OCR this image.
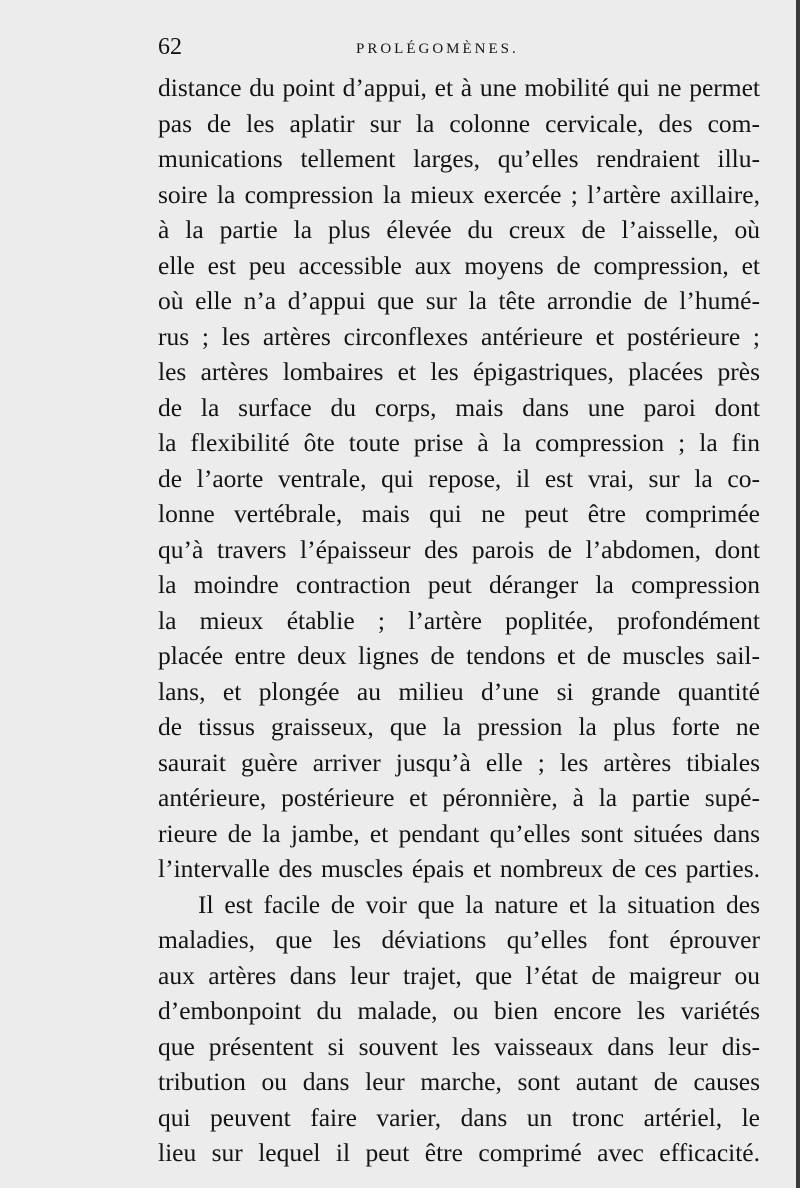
62	PROLÉGOMÈNES.
distance du point d’appui, et à une mobilité qui ne permet
pas de les aplatir sur la colonne cervicale, des com-
munications tellement larges, qu’elles rendraient illu-
soire la compression la mieux exercée ; l’artère axillaire,
à la partie la plus élevée du creux de l’aisselle, où
elle est peu accessible aux moyens de compression, et
où elle n’a d’appui que sur la tête arrondie de l’humé-
rus ; les artères circonflexes antérieure et postérieure ;
les artères lombaires et les épigastriques, placées près
de la surface du corps, mais dans une paroi dont
la flexibilité ôte toute prise à la compression ; la fin
de l’aorte ventrale, qui repose, il est vrai, sur la co-
lonne vertébrale, mais qui ne peut être comprimée
qu’à travers l’épaisseur des parois de l’abdomen, dont
la moindre contraction peut déranger la compression
la mieux établie ; l’artère poplitée, profondément
placée entre deux lignes de tendons et de muscles sail-
lans, et plongée au milieu d’une si grande quantité
de tissus graisseux, que la pression la plus forte ne
saurait guère arriver jusqu’à elle ; les artères tibiales
antérieure, postérieure et péronnière, à la partie supé-
rieure de la jambe, et pendant qu’elles sont situées dans
l’intervalle des muscles épais et nombreux de ces parties.
Il est facile de voir que la nature et la situation des
maladies, que les déviations qu’elles font éprouver
aux artères dans leur trajet, que l’état de maigreur ou
d’embonpoint du malade, ou bien encore les variétés
que présentent si souvent les vaisseaux dans leur dis-
tribution ou dans leur marche, sont autant de causes
qui peuvent faire varier, dans un tronc artériel, le
lieu sur lequel il peut être comprimé avec efficacité.
